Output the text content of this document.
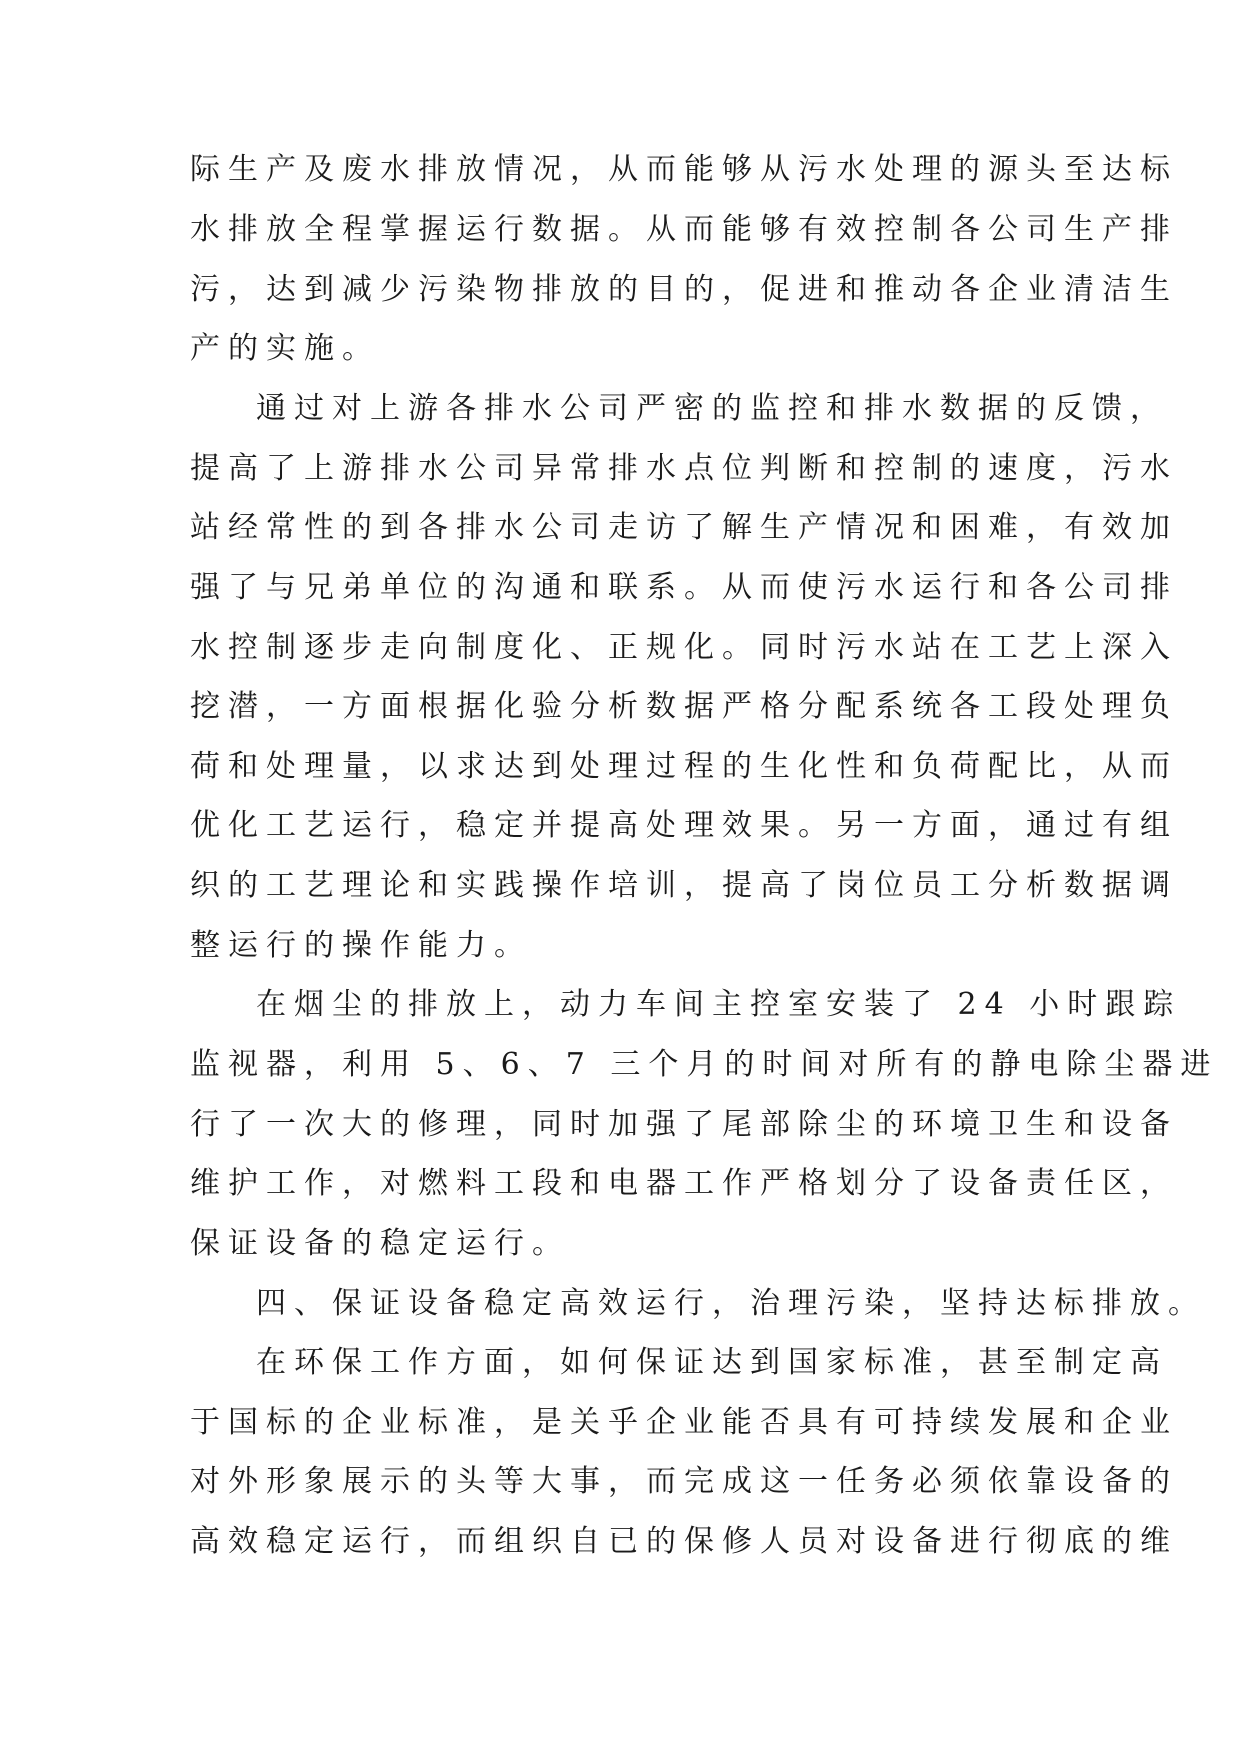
际生产及废水排放情况，从而能够从污水处理的源头至达标
水排放全程掌握运行数据。从而能够有效控制各公司生产排
污，达到减少污染物排放的目的，促进和推动各企业清洁生
产的实施。
通过对上游各排水公司严密的监控和排水数据的反馈，
提高了上游排水公司异常排水点位判断和控制的速度，污水
站经常性的到各排水公司走访了解生产情况和困难，有效加
强了与兄弟单位的沟通和联系。从而使污水运行和各公司排
水控制逐步走向制度化、正规化。同时污水站在工艺上深入
挖潜，一方面根据化验分析数据严格分配系统各工段处理负
荷和处理量，以求达到处理过程的生化性和负荷配比，从而
优化工艺运行，稳定并提高处理效果。另一方面，通过有组
织的工艺理论和实践操作培训，提高了岗位员工分析数据调
整运行的操作能力。
在烟尘的排放上，动力车间主控室安装了 24 小时跟踪
监视器，利用 5、6、7 三个月的时间对所有的静电除尘器进
行了一次大的修理，同时加强了尾部除尘的环境卫生和设备
维护工作，对燃料工段和电器工作严格划分了设备责任区，
保证设备的稳定运行。
四、保证设备稳定高效运行，治理污染，坚持达标排放。
在环保工作方面，如何保证达到国家标准，甚至制定高
于国标的企业标准，是关乎企业能否具有可持续发展和企业
对外形象展示的头等大事，而完成这一任务必须依靠设备的
高效稳定运行，而组织自已的保修人员对设备进行彻底的维
